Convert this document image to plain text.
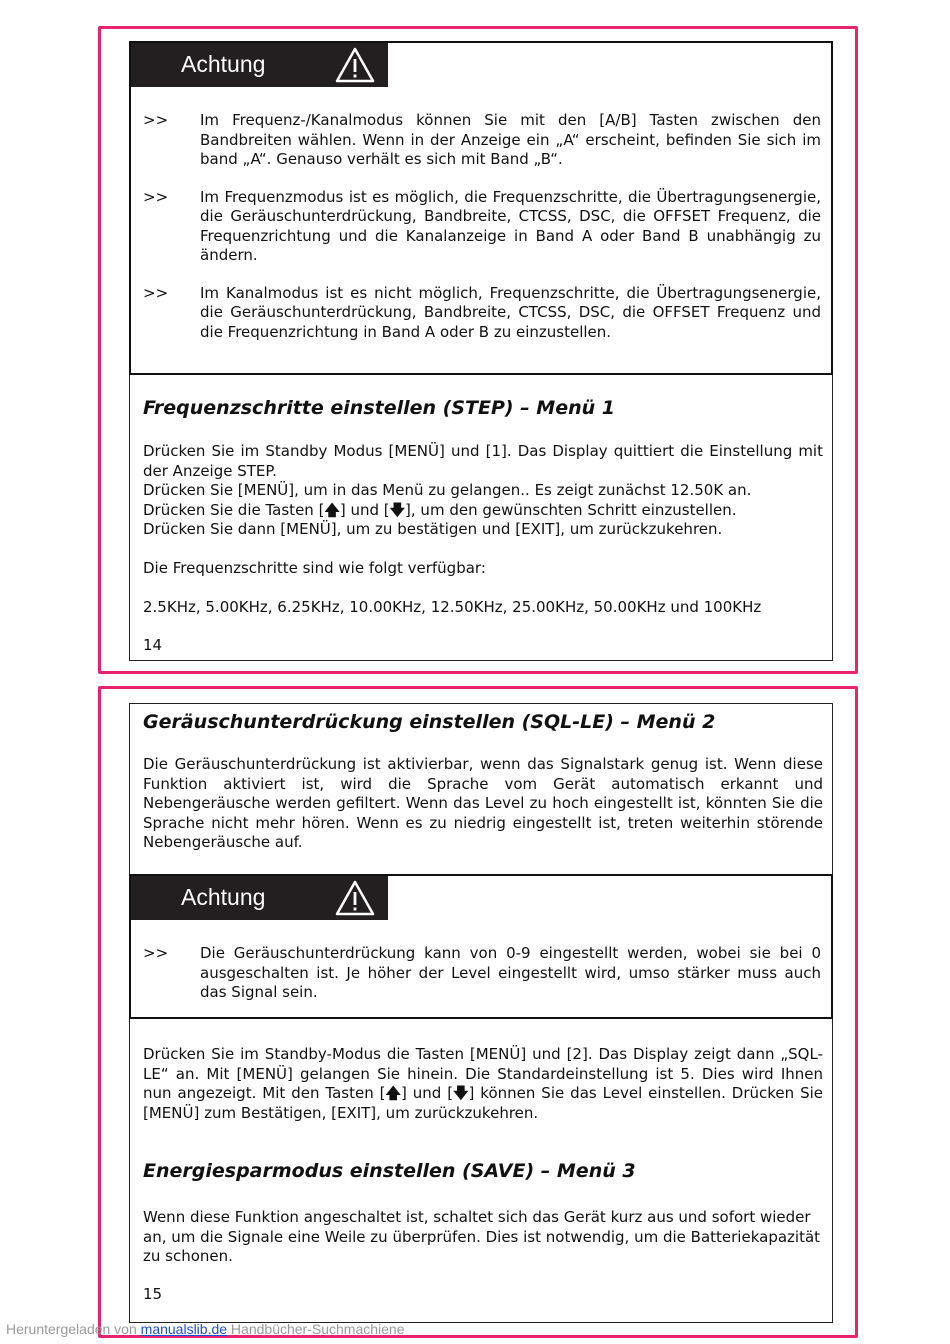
Achtung
>>	Im Frequenz-/Kanalmodus können Sie mit den [A/B] Tasten zwischen den Bandbreiten wählen. Wenn in der Anzeige ein „A“ erscheint, befinden Sie sich im band „A“. Genauso verhält es sich mit Band „B“.
>>	Im Frequenzmodus ist es möglich, die Frequenzschritte, die Übertragungsenergie, die Geräuschunterdrückung, Bandbreite, CTCSS, DSC, die OFFSET Frequenz, die Frequenzrichtung und die Kanalanzeige in Band A oder Band B unabhängig zu ändern.
>>	Im Kanalmodus ist es nicht möglich, Frequenzschritte, die Übertragungsenergie, die Geräuschunterdrückung, Bandbreite, CTCSS, DSC, die OFFSET Frequenz und die Frequenzrichtung in Band A oder B zu einzustellen.
Frequenzschritte einstellen (STEP) – Menü 1

Drücken Sie im Standby Modus [MENÜ] und [1]. Das Display quittiert die Einstellung mit der Anzeige STEP.

Drücken Sie [MENÜ], um in das Menü zu gelangen.. Es zeigt zunächst 12.50K an.

Drücken Sie die Tasten [🡅] und [🡇], um den gewünschten Schritt einzustellen.

Drücken Sie dann [MENÜ], um zu bestätigen und [EXIT], um zurückzukehren.

Die Frequenzschritte sind wie folgt verfügbar:
2.5KHz, 5.00KHz, 6.25KHz, 10.00KHz, 12.50KHz, 25.00KHz, 50.00KHz und 100KHz
14
Geräuschunterdrückung einstellen (SQL-LE) – Menü 2
Die Geräuschunterdrückung ist aktivierbar, wenn das Signalstark genug ist. Wenn diese Funktion aktiviert ist, wird die Sprache vom Gerät automatisch erkannt und Nebengeräusche werden gefiltert. Wenn das Level zu hoch eingestellt ist, könnten Sie die Sprache nicht mehr hören. Wenn es zu niedrig eingestellt ist, treten weiterhin störende Nebengeräusche auf.
Achtung
>>	Die Geräuschunterdrückung kann von 0-9 eingestellt werden, wobei sie bei 0 ausgeschalten ist. Je höher der Level eingestellt wird, umso stärker muss auch das Signal sein.
Drücken Sie im Standby-Modus die Tasten [MENÜ] und [2]. Das Display zeigt dann „SQL-LE“ an. Mit [MENÜ] gelangen Sie hinein. Die Standardeinstellung ist 5. Dies wird Ihnen nun angezeigt. Mit den Tasten [🡅] und [🡇] können Sie das Level einstellen. Drücken Sie [MENÜ] zum Bestätigen, [EXIT], um zurückzukehren.
Energiesparmodus einstellen (SAVE) – Menü 3
Wenn diese Funktion angeschaltet ist, schaltet sich das Gerät kurz aus und sofort wieder an, um die Signale eine Weile zu überprüfen. Dies ist notwendig, um die Batteriekapazität zu schonen.
15
Heruntergeladen von manualslib.de Handbücher-Suchmachiene
